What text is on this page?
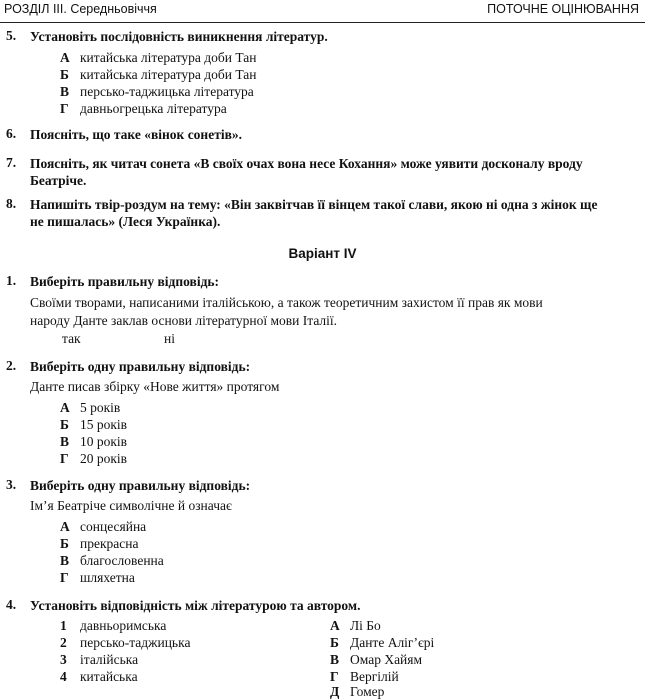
РОЗДІЛ III. Середньовіччя	ПОТОЧНЕ ОЦІНЮВАННЯ
5. Установіть послідовність виникнення літератур.
А китайська література доби Тан
Б китайська література доби Тан
В персько-таджицька література
Г давньогрецька література
6. Поясніть, що таке «вінок сонетів».
7. Поясніть, як читач сонета «В своїх очах вона несе Кохання» може уявити досконалу вроду
Беатріче.
8. Напишіть твір-роздум на тему: «Він заквітчав її вінцем такої слави, якою ні одна з жінок ще
не пишалась» (Леся Українка).
Варіант IV
1. Виберіть правильну відповідь:
Своїми творами, написаними італійською, а також теоретичним захистом її прав як мови
народу Данте заклав основи літературної мови Італії.
так	ні
2. Виберіть одну правильну відповідь:
Данте писав збірку «Нове життя» протягом
А 5 років
Б 15 років
В 10 років
Г 20 років
3. Виберіть одну правильну відповідь:
Ім’я Беатріче символічне й означає
А сонцесяйна
Б прекрасна
В благословенна
Г шляхетна
4. Установіть відповідність між літературою та автором.
1 давньоримська
2 персько-таджицька
3 італійська
4 китайська
А Лі Бо
Б Данте Аліг’єрі
В Омар Хайям
Г Вергілій
Д Гомер
